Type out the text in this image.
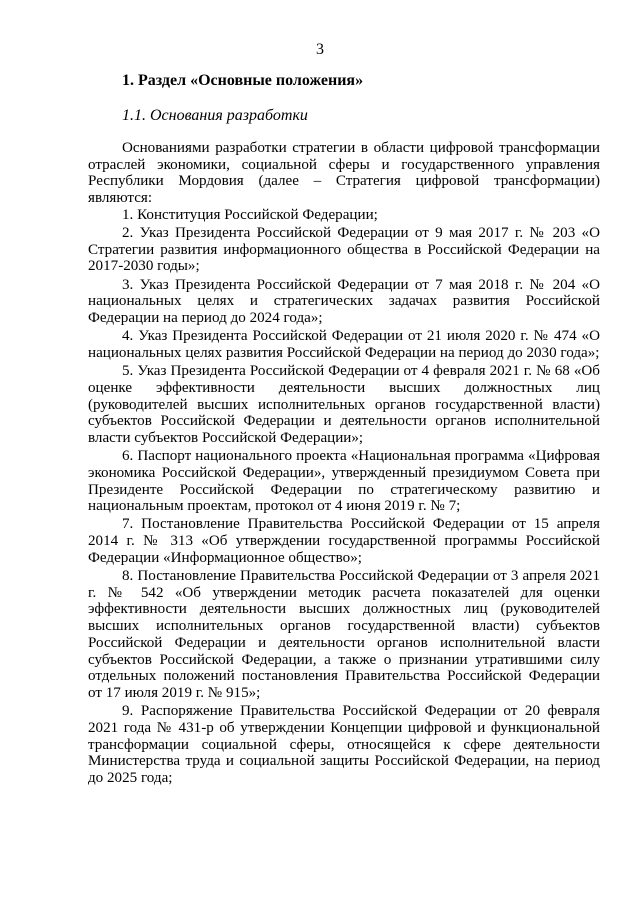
3
1. Раздел «Основные положения»
1.1. Основания разработки

Основаниями разработки стратегии в области цифровой трансформации отраслей экономики, социальной сферы и государственного управления Республики Мордовия (далее – Стратегия цифровой трансформации) являются:

1. Конституция Российской Федерации;

2. Указ Президента Российской Федерации от 9 мая 2017 г. № 203 «О Стратегии развития информационного общества в Российской Федерации на 2017-2030 годы»;

3. Указ Президента Российской Федерации от 7 мая 2018 г. № 204 «О национальных целях и стратегических задачах развития Российской Федерации на период до 2024 года»;

4. Указ Президента Российской Федерации от 21 июля 2020 г. № 474 «О национальных целях развития Российской Федерации на период до 2030 года»;

5. Указ Президента Российской Федерации от 4 февраля 2021 г. № 68 «Об оценке эффективности деятельности высших должностных лиц (руководителей высших исполнительных органов государственной власти) субъектов Российской Федерации и деятельности органов исполнительной власти субъектов Российской Федерации»;

6. Паспорт национального проекта «Национальная программа «Цифровая экономика Российской Федерации», утвержденный президиумом Совета при Президенте Российской Федерации по стратегическому развитию и национальным проектам, протокол от 4 июня 2019 г. № 7;

7. Постановление Правительства Российской Федерации от 15 апреля 2014 г. № 313 «Об утверждении государственной программы Российской Федерации «Информационное общество»;

8. Постановление Правительства Российской Федерации от 3 апреля 2021 г. № 542 «Об утверждении методик расчета показателей для оценки эффективности деятельности высших должностных лиц (руководителей высших исполнительных органов государственной власти) субъектов Российской Федерации и деятельности органов исполнительной власти субъектов Российской Федерации, а также о признании утратившими силу отдельных положений постановления Правительства Российской Федерации от 17 июля 2019 г. № 915»;

9. Распоряжение Правительства Российской Федерации от 20 февраля 2021 года № 431-р об утверждении Концепции цифровой и функциональной трансформации социальной сферы, относящейся к сфере деятельности Министерства труда и социальной защиты Российской Федерации, на период до 2025 года;
